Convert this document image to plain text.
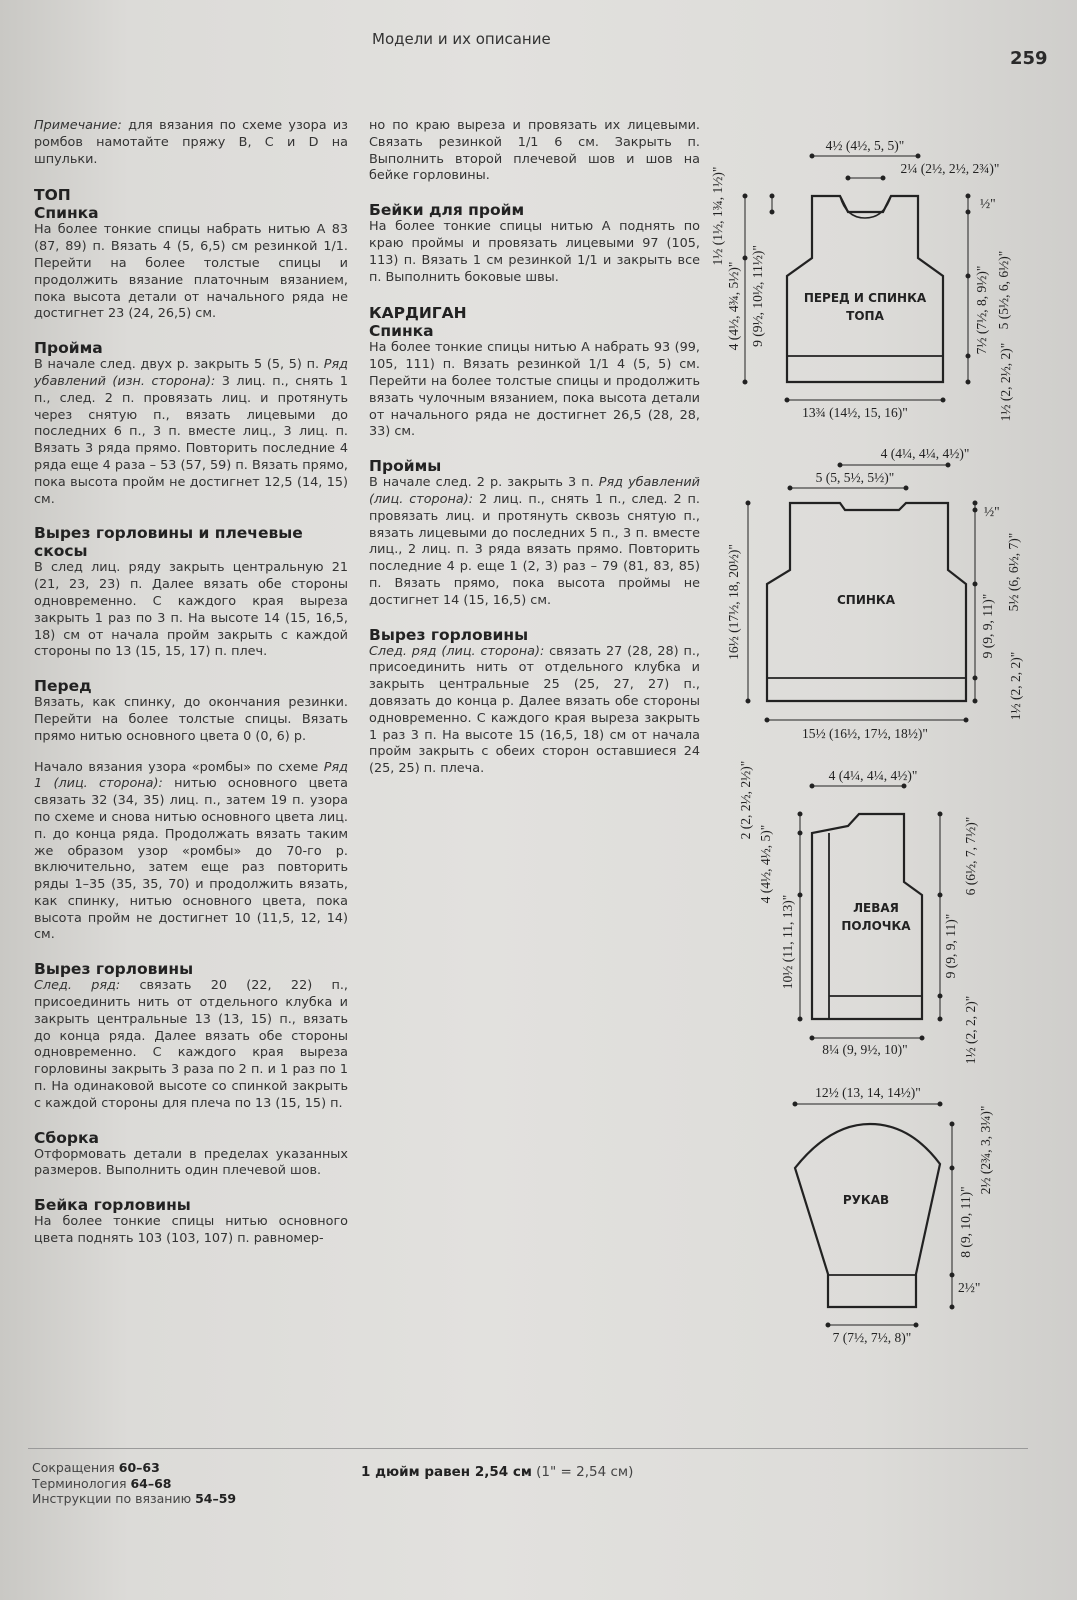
Модели и их описание
259

Примечание: для вязания по схеме узора из ромбов намотайте пряжу B, C и D на шпульки.

ТОП
Спинка

На более тонкие спицы набрать нитью A 83 (87, 89) п. Вязать 4 (5, 6,5) см резинкой 1/1. Перейти на более толстые спицы и продолжить вязание платочным вязанием, пока высота детали от начального ряда не достигнет 23 (24, 26,5) см.

Пройма

В начале след. двух р. закрыть 5 (5, 5) п. Ряд убавлений (изн. сторона): 3 лиц. п., снять 1 п., след. 2 п. провязать лиц. и протянуть через снятую п., вязать лицевыми до последних 6 п., 3 п. вместе лиц., 3 лиц. п. Вязать 3 ряда прямо. Повторить последние 4 ряда еще 4 раза – 53 (57, 59) п. Вязать прямо, пока высота пройм не достигнет 12,5 (14, 15) см.

Вырез горловины и плечевые скосы

В след лиц. ряду закрыть центральную 21 (21, 23, 23) п. Далее вязать обе стороны одновременно. С каждого края выреза закрыть 1 раз по 3 п. На высоте 14 (15, 16,5, 18) см от начала пройм закрыть с каждой стороны по 13 (15, 15, 17) п. плеч.

Перед

Вязать, как спинку, до окончания резинки. Перейти на более толстые спицы. Вязать прямо нитью основного цвета 0 (0, 6) р.

Начало вязания узора «ромбы» по схеме Ряд 1 (лиц. сторона): нитью основного цвета связать 32 (34, 35) лиц. п., затем 19 п. узора по схеме и снова нитью основного цвета лиц. п. до конца ряда. Продолжать вязать таким же образом узор «ромбы» до 70-го р. включительно, затем еще раз повторить ряды 1–35 (35, 35, 70) и продолжить вязать, как спинку, нитью основного цвета, пока высота пройм не достигнет 10 (11,5, 12, 14) см.

Вырез горловины

След. ряд: связать 20 (22, 22) п., присоединить нить от отдельного клубка и закрыть центральные 13 (13, 15) п., вязать до конца ряда. Далее вязать обе стороны одновременно. С каждого края выреза горловины закрыть 3 раза по 2 п. и 1 раз по 1 п. На одинаковой высоте со спинкой закрыть с каждой стороны для плеча по 13 (15, 15) п.

Сборка

Отформовать детали в пределах указанных размеров. Выполнить один плечевой шов.

Бейка горловины

На более тонкие спицы нитью основного цвета поднять 103 (103, 107) п. равномер-

но по краю выреза и провязать их лицевыми. Связать резинкой 1/1 6 см. Закрыть п. Выполнить второй плечевой шов и шов на бейке горловины.

Бейки для пройм

На более тонкие спицы нитью A поднять по краю проймы и провязать лицевыми 97 (105, 113) п. Вязать 1 см резинкой 1/1 и закрыть все п. Выполнить боковые швы.

КАРДИГАН
Спинка

На более тонкие спицы нитью A набрать 93 (99, 105, 111) п. Вязать резинкой 1/1 4 (5, 5) см. Перейти на более толстые спицы и продолжить вязать чулочным вязанием, пока высота детали от начального ряда не достигнет 26,5 (28, 28, 33) см.

Проймы

В начале след. 2 р. закрыть 3 п. Ряд убавлений (лиц. сторона): 2 лиц. п., снять 1 п., след. 2 п. провязать лиц. и протянуть сквозь снятую п., вязать лицевыми до последних 5 п., 3 п. вместе лиц., 2 лиц. п. 3 ряда вязать прямо. Повторить последние 4 р. еще 1 (2, 3) раз – 79 (81, 83, 85) п. Вязать прямо, пока высота проймы не достигнет 14 (15, 16,5) см.

Вырез горловины

След. ряд (лиц. сторона): связать 27 (28, 28) п., присоединить нить от отдельного клубка и закрыть центральные 25 (25, 27, 27) п., довязать до конца р. Далее вязать обе стороны одновременно. С каждого края выреза закрыть 1 раз 3 п. На высоте 15 (16,5, 18) см от начала пройм закрыть с обеих сторон оставшиеся 24 (25, 25) п. плеча.

ПЕРЕД И СПИНКА
ТОПА
СПИНКА
ЛЕВАЯ
ПОЛОЧКА
РУКАВ
4½ (4½, 5, 5)"
2¼ (2½, 2½, 2¾)"
13¾ (14½, 15, 16)"
1½ (1½, 1¾, 1½)"
4 (4½, 4¾, 5½)" 9 (9½, 10½, 11½)"
½"
5 (5½, 6, 6½)"
7½ (7½, 8, 9½)"
1½ (2, 2½, 2)"
4 (4¼, 4¼, 4½)"
5 (5, 5½, 5½)"
15½ (16½, 17½, 18½)"
16½ (17½, 18, 20½)"
½"
5½ (6, 6½, 7)"
9 (9, 9, 11)"
1½ (2, 2, 2)"
4 (4¼, 4¼, 4½)"
8¼ (9, 9½, 10)"
2 (2, 2½, 2½)"
4 (4½, 4½, 5)"
10½ (11, 11, 13)"
6 (6½, 7, 7½)"
9 (9, 9, 11)"
1½ (2, 2, 2)"
12½ (13, 14, 14½)"
7 (7½, 7½, 8)"
2½ (2¾, 3, 3¼)"
8 (9, 10, 11)"
2½"
Сокращения 60–63
Терминология 64–68
Инструкции по вязанию 54–59
1 дюйм равен 2,54 см (1" = 2,54 см)
